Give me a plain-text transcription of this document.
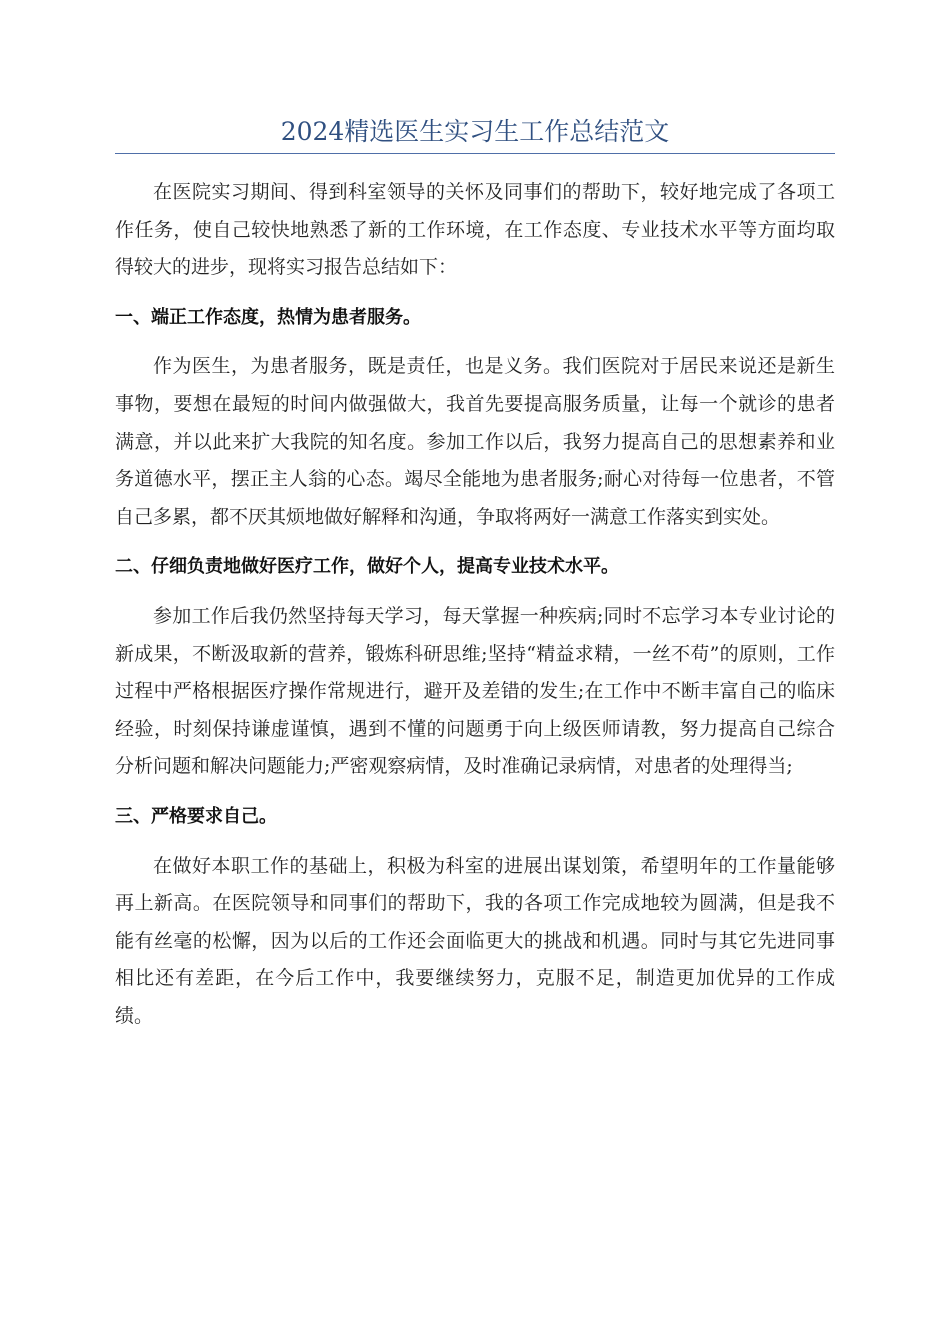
2024精选医生实习生工作总结范文

在医院实习期间、得到科室领导的关怀及同事们的帮助下，较好地完成了各项工作任务，使自己较快地熟悉了新的工作环境，在工作态度、专业技术水平等方面均取得较大的进步，现将实习报告总结如下：

一、端正工作态度，热情为患者服务。

作为医生，为患者服务，既是责任，也是义务。我们医院对于居民来说还是新生事物，要想在最短的时间内做强做大，我首先要提高服务质量，让每一个就诊的患者满意，并以此来扩大我院的知名度。参加工作以后，我努力提高自己的思想素养和业务道德水平，摆正主人翁的心态。竭尽全能地为患者服务;耐心对待每一位患者，不管自己多累，都不厌其烦地做好解释和沟通，争取将两好一满意工作落实到实处。

二、仔细负责地做好医疗工作，做好个人，提高专业技术水平。

参加工作后我仍然坚持每天学习，每天掌握一种疾病;同时不忘学习本专业讨论的新成果，不断汲取新的营养，锻炼科研思维;坚持“精益求精，一丝不苟”的原则，工作过程中严格根据医疗操作常规进行，避开及差错的发生;在工作中不断丰富自己的临床经验，时刻保持谦虚谨慎，遇到不懂的问题勇于向上级医师请教，努力提高自己综合分析问题和解决问题能力;严密观察病情，及时准确记录病情，对患者的处理得当;

三、严格要求自己。

在做好本职工作的基础上，积极为科室的进展出谋划策，希望明年的工作量能够再上新高。在医院领导和同事们的帮助下，我的各项工作完成地较为圆满，但是我不能有丝毫的松懈，因为以后的工作还会面临更大的挑战和机遇。同时与其它先进同事相比还有差距，在今后工作中，我要继续努力，克服不足，制造更加优异的工作成绩。
